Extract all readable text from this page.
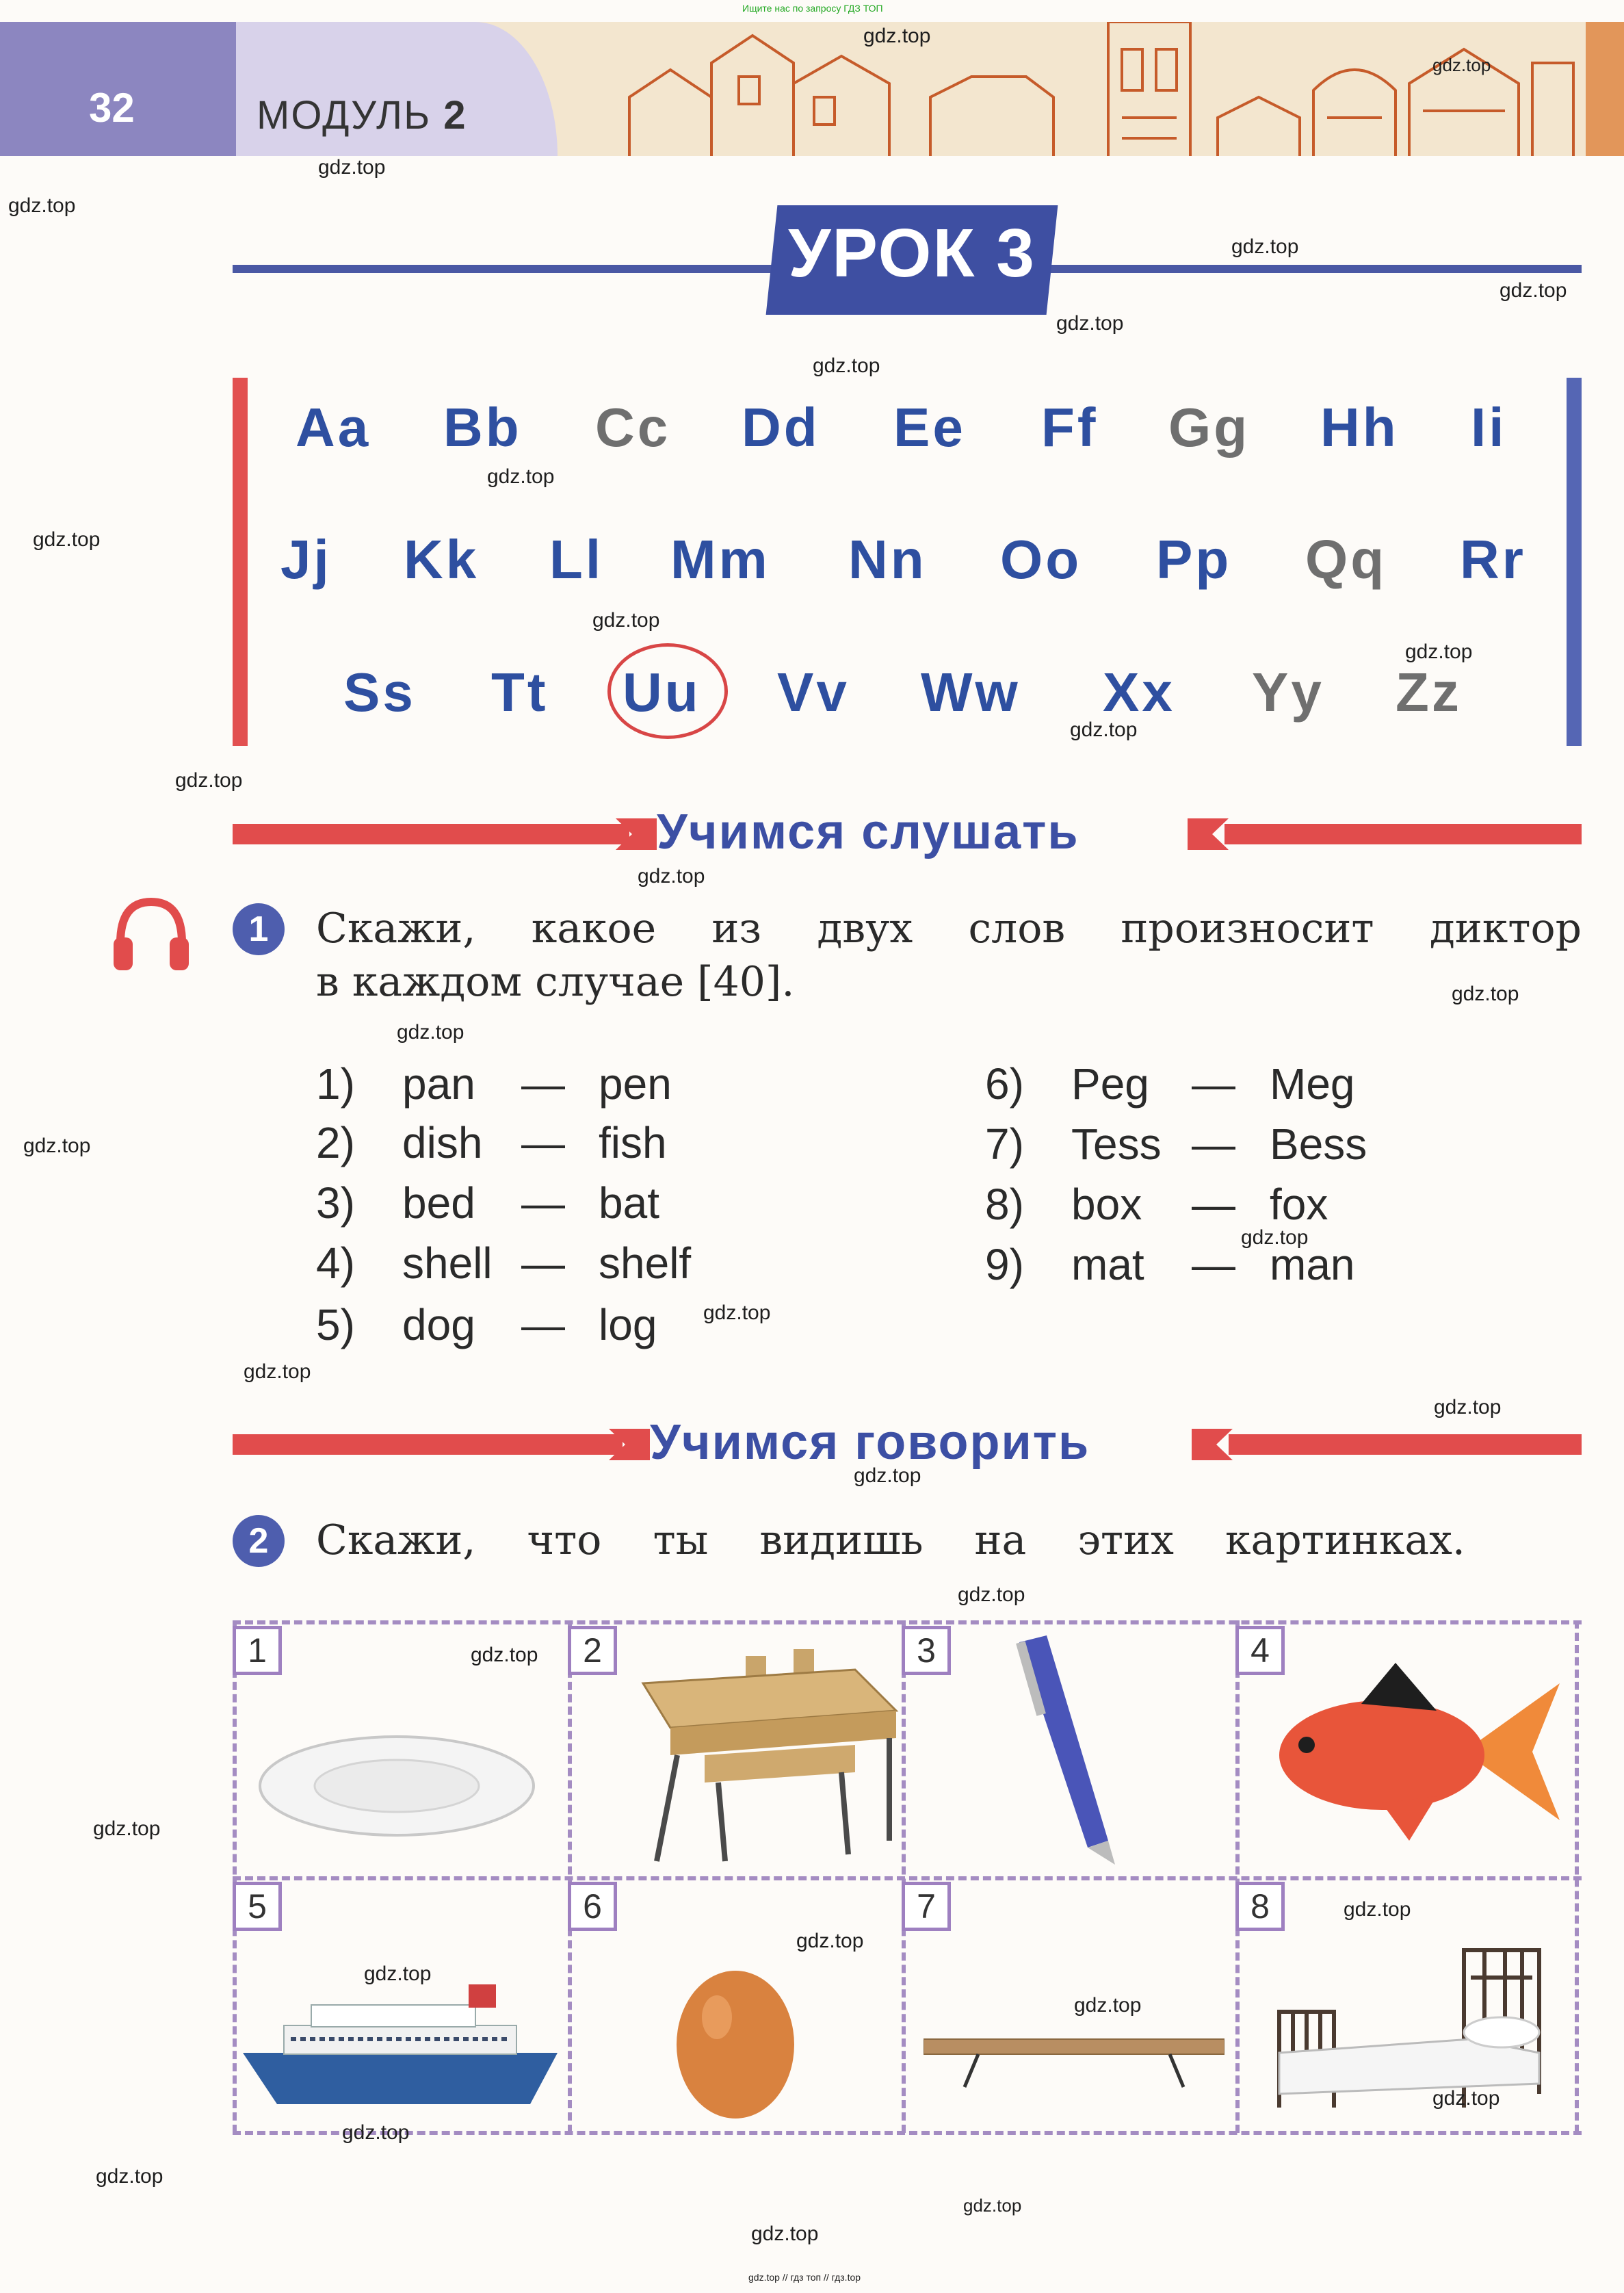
Ищите нас по запросу ГДЗ ТОП
32	МОДУЛЬ 2
УРОК 3
Aa Bb Cc Dd Ee Ff Gg Hh Ii
Jj Kk Ll Mm Nn Oo Pp Qq Rr
Ss Tt Uu Vv Ww Xx Yy Zz
Учимся слушать
1	Скажи, какое из двух слов произносит диктор
в каждом случае [40].
1) pan — pen
2) dish — fish
3) bed — bat
4) shell — shelf
5) dog — log
6) Peg — Meg
7) Tess — Bess
8) box — fox
9) mat — man
Учимся говорить
2	Скажи, что ты видишь на этих картинках.
1	2	3	4
5	6	7	8
gdz.top
gdz.top
gdz.top
gdz.top
gdz.top
gdz.top
gdz.top
gdz.top
gdz.top
gdz.top
gdz.top
gdz.top
gdz.top
gdz.top
gdz.top
gdz.top
gdz.top
gdz.top
gdz.top
gdz.top
gdz.top
gdz.top
gdz.top
gdz.top
gdz.top
gdz.top
gdz.top
gdz.top
gdz.top
gdz.top
gdz.top
gdz.top
gdz.top
gdz.top
gdz.top
gdz.top // гдз топ // гдз.top
